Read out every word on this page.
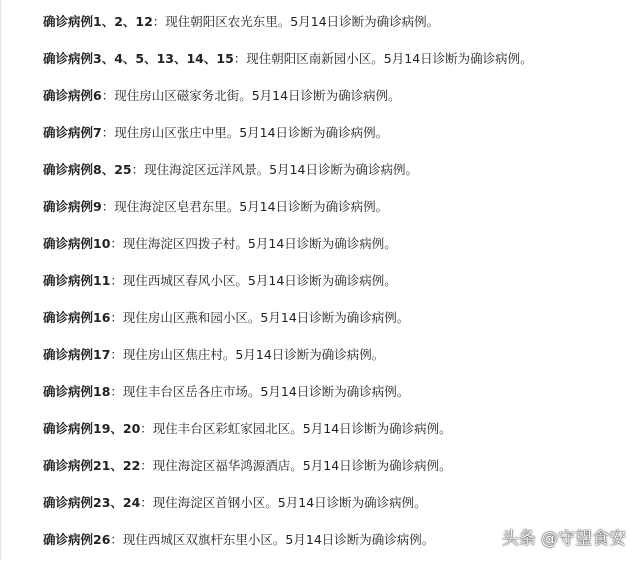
确诊病例1、2、12：现住朝阳区农光东里。5月14日诊断为确诊病例。
确诊病例3、4、5、13、14、15：现住朝阳区南新园小区。5月14日诊断为确诊病例。
确诊病例6：现住房山区磁家务北街。5月14日诊断为确诊病例。
确诊病例7：现住房山区张庄中里。5月14日诊断为确诊病例。
确诊病例8、25：现住海淀区远洋风景。5月14日诊断为确诊病例。
确诊病例9：现住海淀区皂君东里。5月14日诊断为确诊病例。
确诊病例10：现住海淀区四拨子村。5月14日诊断为确诊病例。
确诊病例11：现住西城区春风小区。5月14日诊断为确诊病例。
确诊病例16：现住房山区燕和园小区。5月14日诊断为确诊病例。
确诊病例17：现住房山区焦庄村。5月14日诊断为确诊病例。
确诊病例18：现住丰台区岳各庄市场。5月14日诊断为确诊病例。
确诊病例19、20：现住丰台区彩虹家园北区。5月14日诊断为确诊病例。
确诊病例21、22：现住海淀区福华鸿源酒店。5月14日诊断为确诊病例。
确诊病例23、24：现住海淀区首钢小区。5月14日诊断为确诊病例。
确诊病例26：现住西城区双旗杆东里小区。5月14日诊断为确诊病例。	头条 @守望食安
